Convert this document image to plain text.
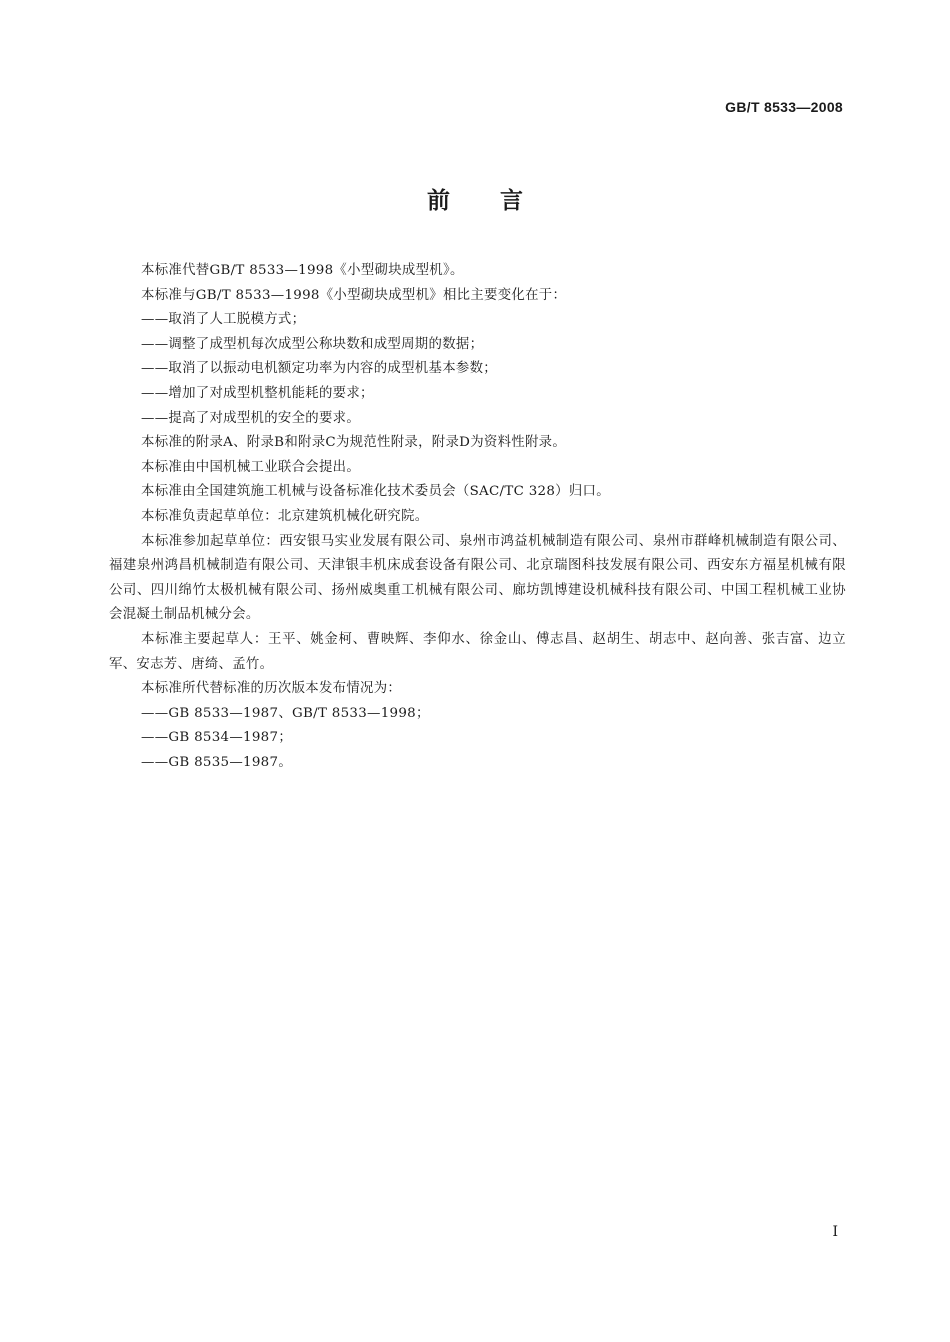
GB/T 8533—2008
前言

本标准代替GB/T 8533—1998《小型砌块成型机》。

本标准与GB/T 8533—1998《小型砌块成型机》相比主要变化在于：

——取消了人工脱模方式；

——调整了成型机每次成型公称块数和成型周期的数据；

——取消了以振动电机额定功率为内容的成型机基本参数；

——增加了对成型机整机能耗的要求；

——提高了对成型机的安全的要求。

本标准的附录A、附录B和附录C为规范性附录，附录D为资料性附录。

本标准由中国机械工业联合会提出。

本标准由全国建筑施工机械与设备标准化技术委员会（SAC/TC 328）归口。

本标准负责起草单位：北京建筑机械化研究院。

本标准参加起草单位：西安银马实业发展有限公司、泉州市鸿益机械制造有限公司、泉州市群峰机械制造有限公司、福建泉州鸿昌机械制造有限公司、天津银丰机床成套设备有限公司、北京瑞图科技发展有限公司、西安东方福星机械有限公司、四川绵竹太极机械有限公司、扬州威奥重工机械有限公司、廊坊凯博建设机械科技有限公司、中国工程机械工业协会混凝土制品机械分会。

本标准主要起草人：王平、姚金柯、曹映辉、李仰水、徐金山、傅志昌、赵胡生、胡志中、赵向善、张吉富、边立军、安志芳、唐绮、孟竹。

本标准所代替标准的历次版本发布情况为：

——GB 8533—1987、GB/T 8533—1998；

——GB 8534—1987；

——GB 8535—1987。

I
